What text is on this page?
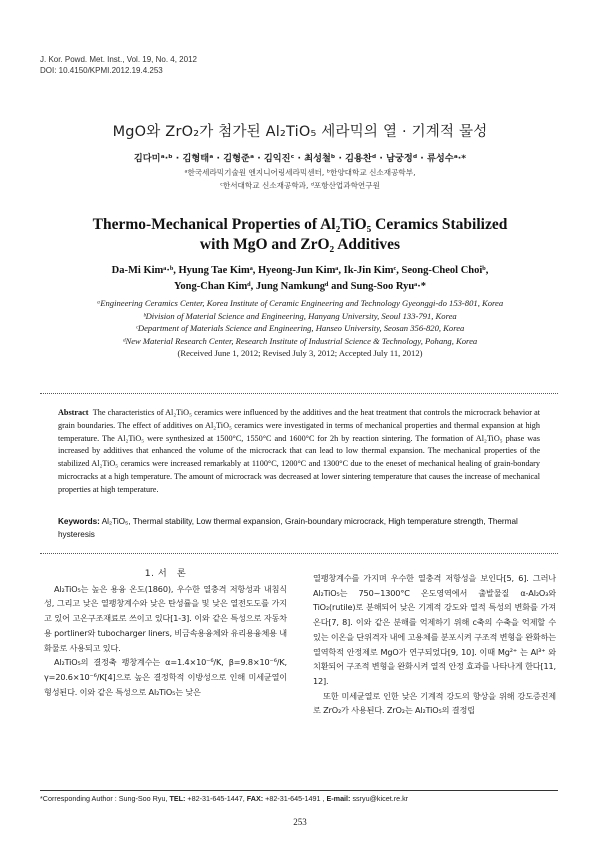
J. Kor. Powd. Met. Inst., Vol. 19, No. 4, 2012
DOI: 10.4150/KPMI.2012.19.4.253
MgO와 ZrO₂가 첨가된 Al₂TiO₅ 세라믹의 열 · 기계적 물성
김다미ᵃ·ᵇ · 김형태ᵃ · 김형준ᵃ · 김익진ᶜ · 최성철ᵇ · 김용찬ᵈ · 남궁정ᵈ · 류성수ᵃ·*
ᵃ한국세라믹기술원 엔지니어링세라믹센터, ᵇ한양대학교 신소재공학부,
ᶜ한서대학교 신소재공학과, ᵈ포항산업과학연구원
Thermo-Mechanical Properties of Al₂TiO₅ Ceramics Stabilized
with MgO and ZrO₂ Additives
Da-Mi Kimᵃ·ᵇ, Hyung Tae Kimᵃ, Hyeong-Jun Kimᵃ, Ik-Jin Kimᶜ, Seong-Cheol Choiᵇ,
Yong-Chan Kimᵈ, Jung Namkungᵈ and Sung-Soo Ryuᵃ·*
ᵃEngineering Ceramics Center, Korea Institute of Ceramic Engineering and Technology Gyeonggi-do 153-801, Korea
ᵇDivision of Material Science and Engineering, Hanyang University, Seoul 133-791, Korea
ᶜDepartment of Materials Science and Engineering, Hanseo University, Seosan 356-820, Korea
ᵈNew Material Research Center, Research Institute of Industrial Science & Technology, Pohang, Korea
(Received June 1, 2012; Revised July 3, 2012; Accepted July 11, 2012)
Abstract The characteristics of Al₂TiO₅ ceramics were influenced by the additives and the heat treatment that controls the microcrack behavior at grain boundaries. The effect of additives on Al₂TiO₅ ceramics were investigated in terms of mechanical properties and thermal expansion at high temperature. The Al₂TiO₅ were synthesized at 1500°C, 1550°C and 1600°C for 2h by reaction sintering. The formation of Al₂TiO₅ phase was increased by additives that enhanced the volume of the microcrack that can lead to low thermal expansion. The mechanical properties of the stabilized Al₂TiO₅ ceramics were increased remarkably at 1100°C, 1200°C and 1300°C due to the eneset of mechanical healing of grain-bondary microcracks at a high temperature. The amount of microcrack was decreased at lower sintering temperature that causes the increase of mechanical properties at high temperature.
Keywords: Al₂TiO₅, Thermal stability, Low thermal expansion, Grain-boundary microcrack, High temperature strength, Thermal hysteresis

1. 서　론

Al₂TiO₅는 높은 용융 온도(1860), 우수한 열충격 저항성과 내침식성, 그리고 낮은 열팽창계수와 낮은 탄성률을 및 낮은 열전도도를 가지고 있어 고온구조재료로 쓰이고 있다[1-3]. 이와 같은 특성으로 자동차용 portliner와 tubocharger liners, 비금속용융체와 유리용융체용 내화물로 사용되고 있다.

Al₂TiO₅의 결정축 팽창계수는 α=1.4×10⁻⁶/K, β=9.8×10⁻⁶/K, γ=20.6×10⁻⁶/K[4]으로 높은 결정학적 이방성으로 인해 미세균열이 형성된다. 이와 같은 특성으로 Al₂TiO₅는 낮은

열팽창계수를 가지며 우수한 열충격 저항성을 보인다[5, 6]. 그러나 Al₂TiO₅는 750~1300°C 온도영역에서 출발물질 α-Al₂O₃와 TiO₂(rutile)로 분해되어 낮은 기계적 강도와 열적 특성의 변화를 가져온다[7, 8]. 이와 같은 분해를 억제하기 위해 c축의 수축을 억제할 수 있는 이온을 단위격자 내에 고용체를 분포시켜 구조적 변형을 완화하는 열역학적 안정제로 MgO가 연구되었다[9, 10]. 이때 Mg²⁺ 는 Al³⁺ 와 치환되어 구조적 변형을 완화시켜 열적 안정 효과를 나타나게 한다[11, 12].

또한 미세균열로 인한 낮은 기계적 강도의 향상을 위해 강도증진제로 ZrO₂가 사용된다. ZrO₂는 Al₂TiO₅의 결정립

*Corresponding Author : Sung-Soo Ryu, TEL: +82-31-645-1447, FAX: +82-31-645-1491 , E-mail: ssryu@kicet.re.kr
253
